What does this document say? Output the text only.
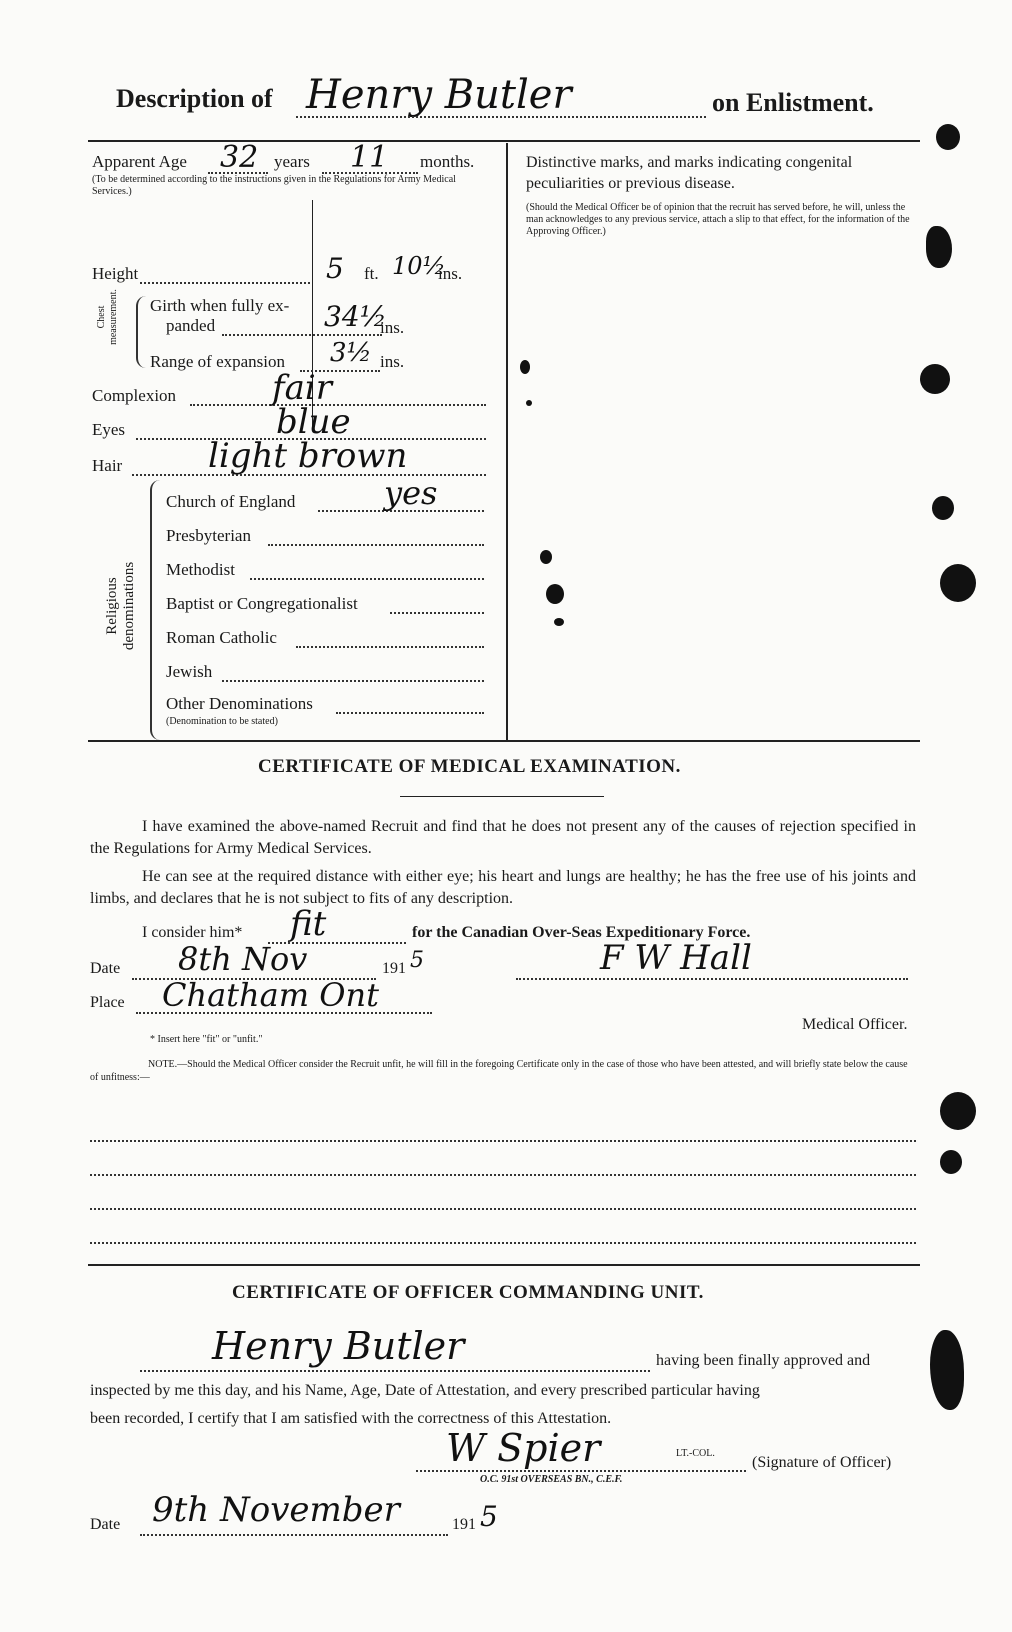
Description of Henry Butler	on Enlistment.
Apparent Age 32 years 11 months.
(To be determined according to the instructions given in the Regulations for Army Medical Services.)
Height	5 ft. 10½
ins.
Chest measurement. Girth when fully ex-
panded	34½
ins.
Range of expansion 3½ ins.
Complexion	fair
Eyes	blue
Hair	light brown
Religious denominations
Church of England	yes
Presbyterian
Methodist
Baptist or Congregationalist
Roman Catholic
Jewish
Other Denominations
(Denomination to be stated)
Distinctive marks, and marks indicating congenital peculiarities or previous disease.
(Should the Medical Officer be of opinion that the recruit has served before, he will, unless the man acknowledges to any previous service, attach a slip to that effect, for the information of the Approving Officer.)
CERTIFICATE OF MEDICAL EXAMINATION.
I have examined the above-named Recruit and find that he does not present any of the causes of rejection specified in the Regulations for Army Medical Services.
He can see at the required distance with either eye; his heart and lungs are healthy; he has the free use of his joints and limbs, and declares that he is not subject to fits of any description.
I consider him* fit	for the Canadian Over-Seas Expeditionary Force.
Date 8th Nov	191 5	F W Hall
Place Chatham Ont
Medical Officer.
* Insert here "fit" or "unfit."
NOTE.—Should the Medical Officer consider the Recruit unfit, he will fill in the foregoing Certificate only in the case of those who have been attested, and will briefly state below the cause of unfitness:—
CERTIFICATE OF OFFICER COMMANDING UNIT.
Henry Butler	having been finally approved and
inspected by me this day, and his Name, Age, Date of Attestation, and every prescribed particular having
been recorded, I certify that I am satisfied with the correctness of this Attestation.
W Spier	LT.-COL.
O.C. 91st OVERSEAS BN., C.E.F.
(Signature of Officer)
Date 9th November	191 5
